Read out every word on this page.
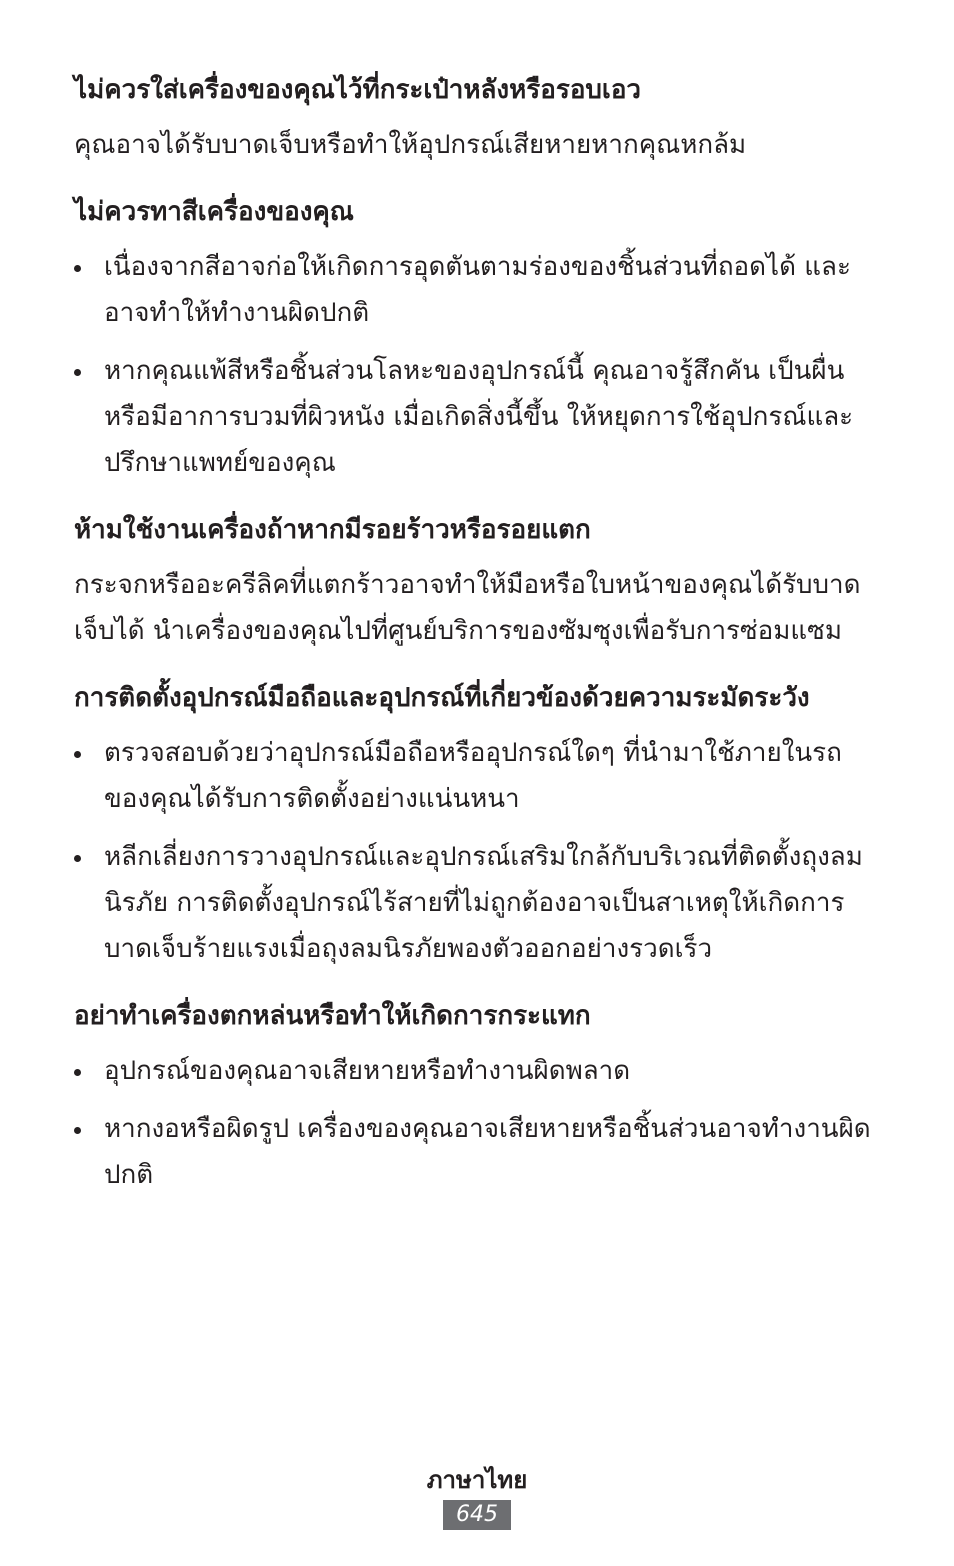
ไม่ควรใส่เครื่องของคุณไว้ที่กระเป๋าหลังหรือรอบเอว

คุณอาจได้รับบาดเจ็บหรือทำให้อุปกรณ์เสียหายหากคุณหกล้ม

ไม่ควรทาสีเครื่องของคุณ
เนื่องจากสีอาจก่อให้เกิดการอุดตันตามร่องของชิ้นส่วนที่ถอดได้ และอาจทำให้ทำงานผิดปกติ
หากคุณแพ้สีหรือชิ้นส่วนโลหะของอุปกรณ์นี้ คุณอาจรู้สึกคัน เป็นผื่นหรือมีอาการบวมที่ผิวหนัง เมื่อเกิดสิ่งนี้ขึ้น ให้หยุดการใช้อุปกรณ์และปรึกษาแพทย์ของคุณ
ห้ามใช้งานเครื่องถ้าหากมีรอยร้าวหรือรอยแตก

กระจกหรืออะครีลิคที่แตกร้าวอาจทำให้มือหรือใบหน้าของคุณได้รับบาดเจ็บได้ นำเครื่องของคุณไปที่ศูนย์บริการของซัมซุงเพื่อรับการซ่อมแซม

การติดตั้งอุปกรณ์มือถือและอุปกรณ์ที่เกี่ยวข้องด้วยความระมัดระวัง
ตรวจสอบด้วยว่าอุปกรณ์มือถือหรืออุปกรณ์ใดๆ ที่นำมาใช้ภายในรถของคุณได้รับการติดตั้งอย่างแน่นหนา
หลีกเลี่ยงการวางอุปกรณ์และอุปกรณ์เสริมใกล้กับบริเวณที่ติดตั้งถุงลมนิรภัย การติดตั้งอุปกรณ์ไร้สายที่ไม่ถูกต้องอาจเป็นสาเหตุให้เกิดการบาดเจ็บร้ายแรงเมื่อถุงลมนิรภัยพองตัวออกอย่างรวดเร็ว
อย่าทำเครื่องตกหล่นหรือทำให้เกิดการกระแทก
อุปกรณ์ของคุณอาจเสียหายหรือทำงานผิดพลาด
หากงอหรือผิดรูป เครื่องของคุณอาจเสียหายหรือชิ้นส่วนอาจทำงานผิดปกติ

ภาษาไทย

645
